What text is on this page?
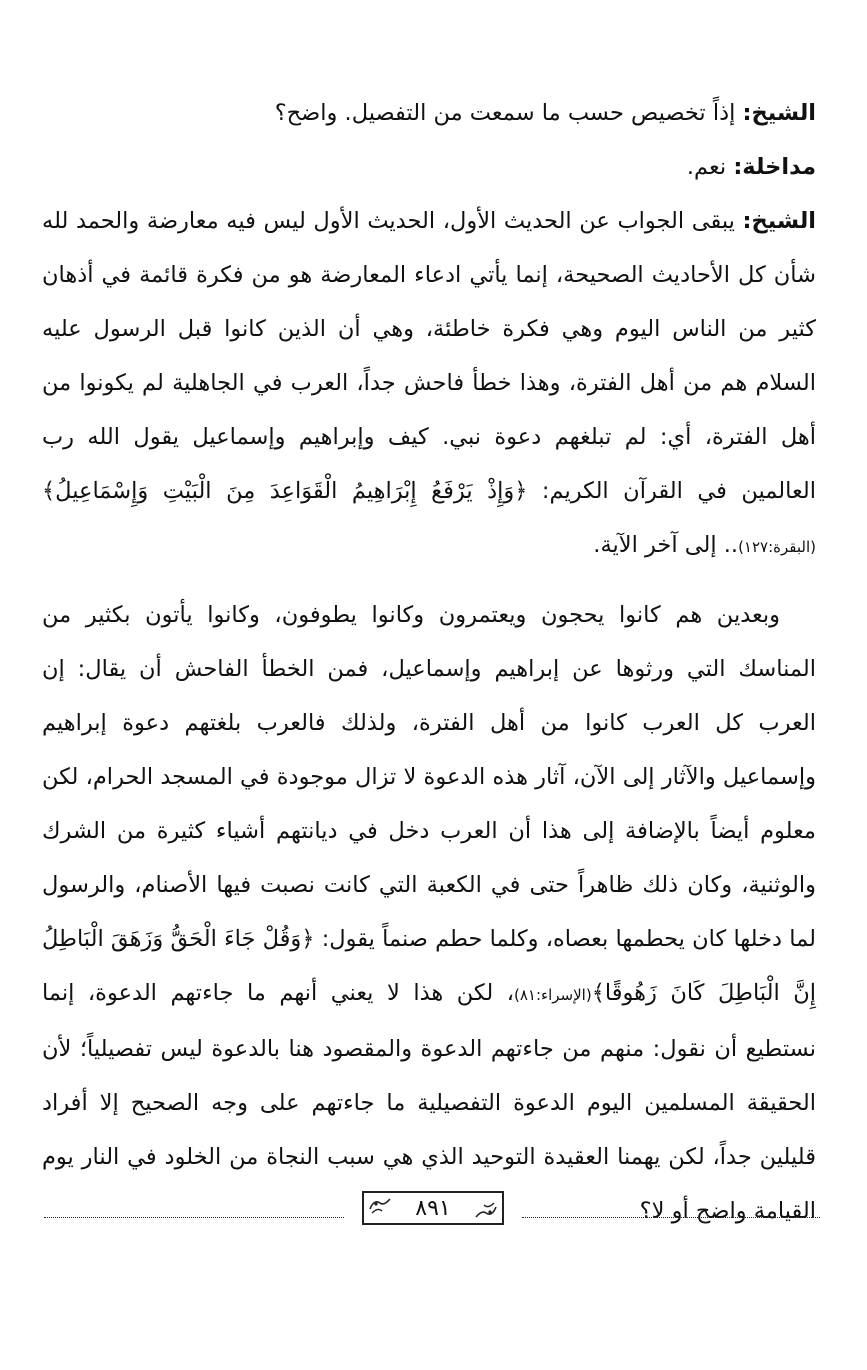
الشيخ: إذاً تخصيص حسب ما سمعت من التفصيل. واضح؟

مداخلة: نعم.

الشيخ: يبقى الجواب عن الحديث الأول، الحديث الأول ليس فيه معارضة والحمد لله شأن كل الأحاديث الصحيحة، إنما يأتي ادعاء المعارضة هو من فكرة قائمة في أذهان كثير من الناس اليوم وهي فكرة خاطئة، وهي أن الذين كانوا قبل الرسول عليه السلام هم من أهل الفترة، وهذا خطأ فاحش جداً، العرب في الجاهلية لم يكونوا من أهل الفترة، أي: لم تبلغهم دعوة نبي. كيف وإبراهيم وإسماعيل يقول الله رب العالمين في القرآن الكريم: ﴿وَإِذْ يَرْفَعُ إِبْرَاهِيمُ الْقَوَاعِدَ مِنَ الْبَيْتِ وَإِسْمَاعِيلُ﴾(البقرة:١٢٧).. إلى آخر الآية.

وبعدين هم كانوا يحجون ويعتمرون وكانوا يطوفون، وكانوا يأتون بكثير من المناسك التي ورثوها عن إبراهيم وإسماعيل، فمن الخطأ الفاحش أن يقال: إن العرب كل العرب كانوا من أهل الفترة، ولذلك فالعرب بلغتهم دعوة إبراهيم وإسماعيل والآثار إلى الآن، آثار هذه الدعوة لا تزال موجودة في المسجد الحرام، لكن معلوم أيضاً بالإضافة إلى هذا أن العرب دخل في ديانتهم أشياء كثيرة من الشرك والوثنية، وكان ذلك ظاهراً حتى في الكعبة التي كانت نصبت فيها الأصنام، والرسول لما دخلها كان يحطمها بعصاه، وكلما حطم صنماً يقول: ﴿وَقُلْ جَاءَ الْحَقُّ وَزَهَقَ الْبَاطِلُ إِنَّ الْبَاطِلَ كَانَ زَهُوقًا﴾(الإسراء:٨١)، لكن هذا لا يعني أنهم ما جاءتهم الدعوة، إنما نستطيع أن نقول: منهم من جاءتهم الدعوة والمقصود هنا بالدعوة ليس تفصيلياً؛ لأن الحقيقة المسلمين اليوم الدعوة التفصيلية ما جاءتهم على وجه الصحيح إلا أفراد قليلين جداً، لكن يهمنا العقيدة التوحيد الذي هي سبب النجاة من الخلود في النار يوم القيامة واضح أو لا؟

٨٩١
